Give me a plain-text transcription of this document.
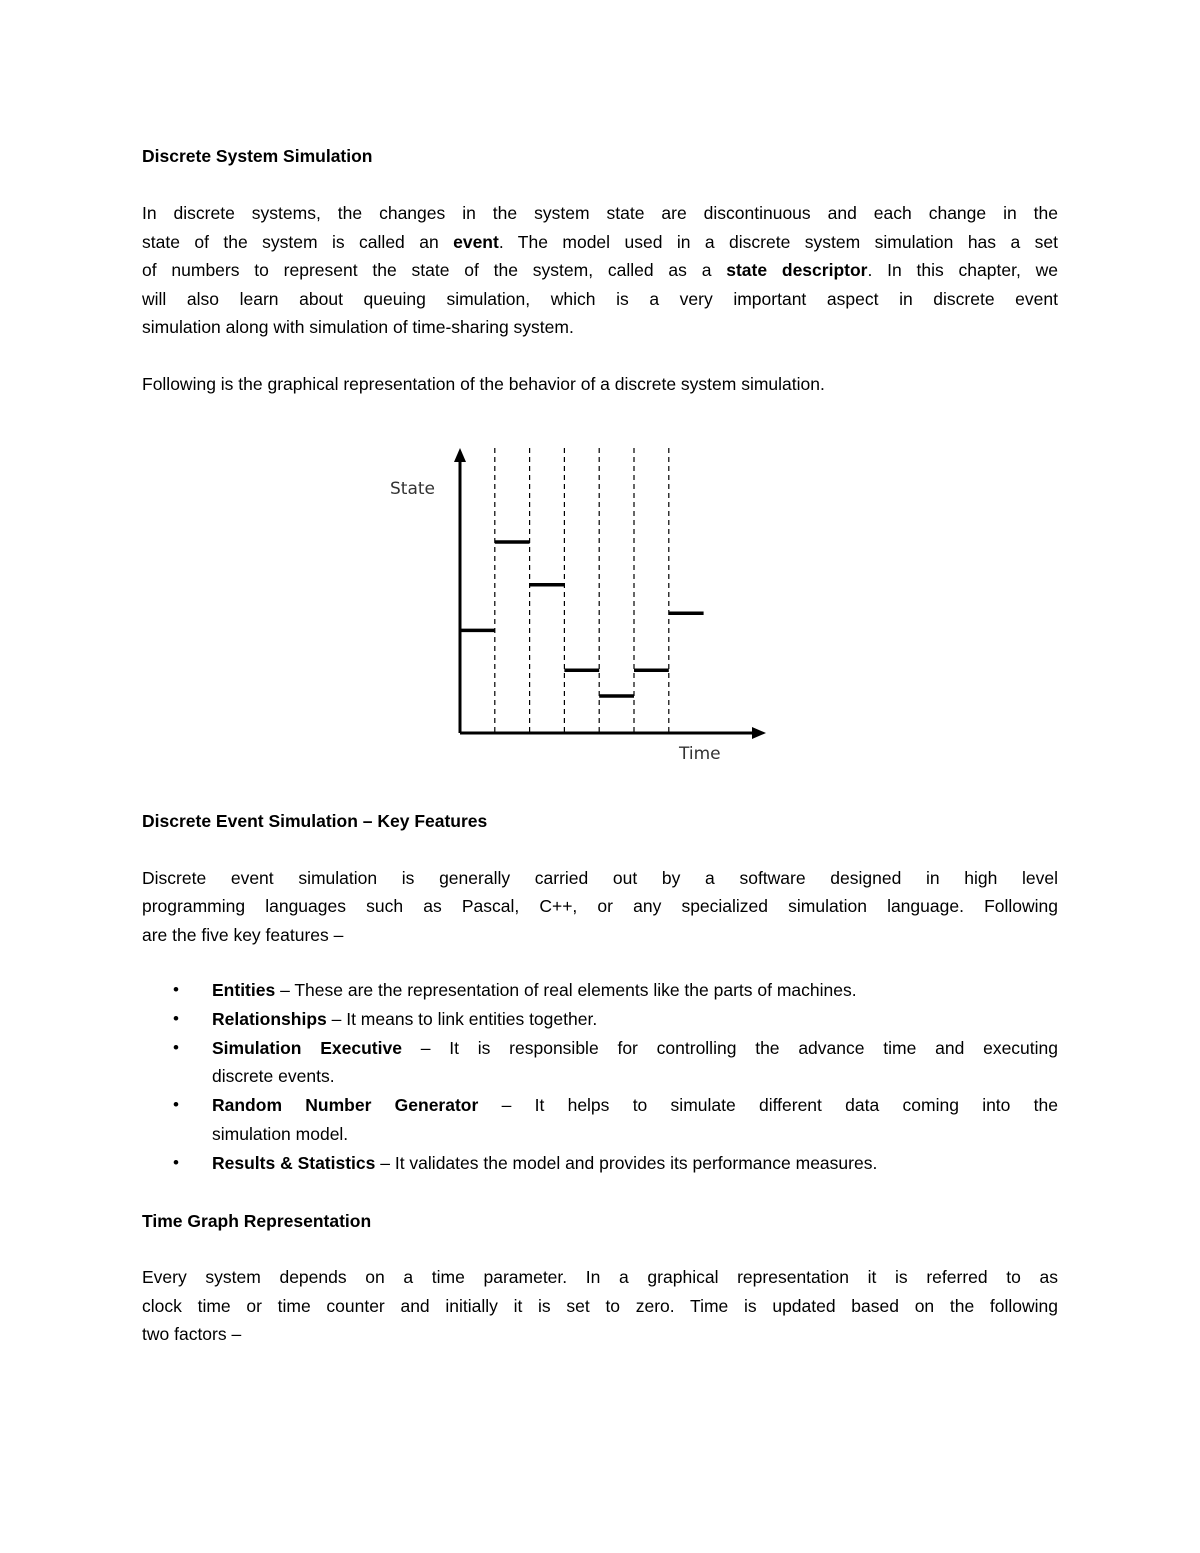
Discrete System Simulation
In discrete systems, the changes in the system state are discontinuous and each change in the
state of the system is called an event. The model used in a discrete system simulation has a set
of numbers to represent the state of the system, called as a state descriptor. In this chapter, we
will also learn about queuing simulation, which is a very important aspect in discrete event
simulation along with simulation of time-sharing system.
Following is the graphical representation of the behavior of a discrete system simulation.
State
Time
Discrete Event Simulation – Key Features
Discrete event simulation is generally carried out by a software designed in high level
programming languages such as Pascal, C++, or any specialized simulation language. Following
are the five key features –
• Entities – These are the representation of real elements like the parts of machines.
• Relationships – It means to link entities together.
• Simulation Executive – It is responsible for controlling the advance time and executing
discrete events.
• Random Number Generator – It helps to simulate different data coming into the
simulation model.
• Results & Statistics – It validates the model and provides its performance measures.
Time Graph Representation
Every system depends on a time parameter. In a graphical representation it is referred to as
clock time or time counter and initially it is set to zero. Time is updated based on the following
two factors –
